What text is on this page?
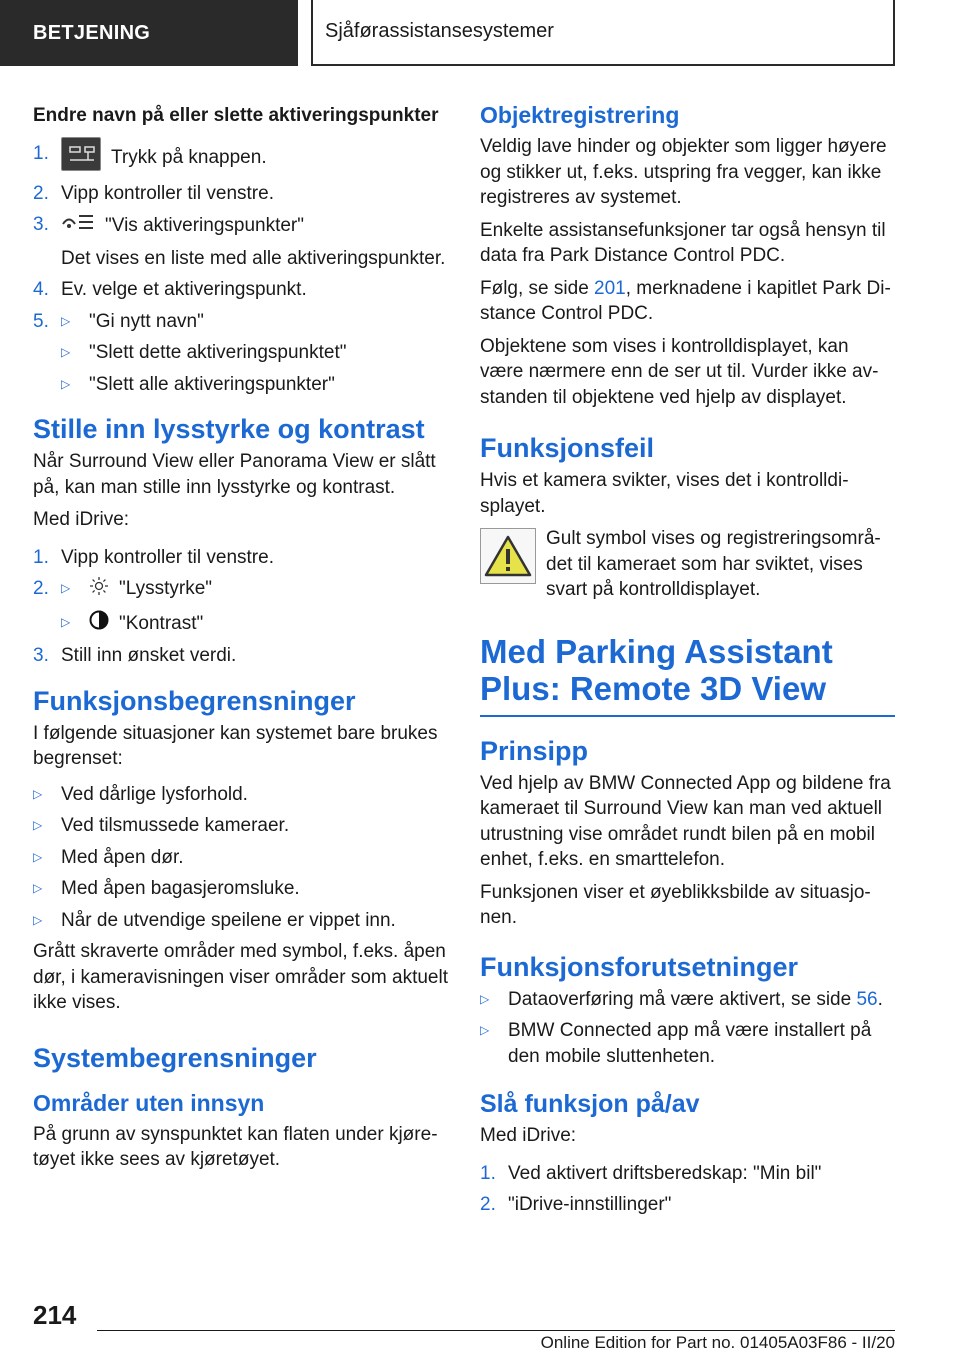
BETJENING	Sjåførassistansesystemer
Endre navn på eller slette aktiveringspunkter
1.	Trykk på knappen.
2. Vipp kontroller til venstre.
3.	"Vis aktiveringspunkter"
Det vises en liste med alle aktiveringspunkter.
4. Ev. velge et aktiveringspunkt.
5.	▷ "Gi nytt navn"
▷ "Slett dette aktiveringspunktet"
▷ "Slett alle aktiveringspunkter"
Stille inn lysstyrke og kontrast

Når Surround View eller Panorama View er slått på, kan man stille inn lysstyrke og kontrast.

Med iDrive:

1. Vipp kontroller til venstre.
2.	▷	"Lysstyrke"
▷	"Kontrast"
3. Still inn ønsket verdi.
Funksjonsbegrensninger

I følgende situasjoner kan systemet bare brukes begrenset:

▷ Ved dårlige lysforhold.
▷ Ved tilsmussede kameraer.
▷ Med åpen dør.
▷ Med åpen bagasjeromsluke.
▷ Når de utvendige speilene er vippet inn.

Grått skraverte områder med symbol, f.eks. åpen dør, i kameravisningen viser områder som aktuelt ikke vises.

Systembegrensninger
Områder uten innsyn

På grunn av synspunktet kan flaten under kjøretøyet ikke sees av kjøretøyet.

Objektregistrering

Veldig lave hinder og objekter som ligger høyere og stikker ut, f.eks. utspring fra vegger, kan ikke registreres av systemet.

Enkelte assistansefunksjoner tar også hensyn til data fra Park Distance Control PDC.

Følg, se side 201, merknadene i kapitlet Park Distance Control PDC.

Objektene som vises i kontrolldisplayet, kan være nærmere enn de ser ut til. Vurder ikke avstanden til objektene ved hjelp av displayet.

Funksjonsfeil

Hvis et kamera svikter, vises det i kontrolldisplayet.

Gult symbol vises og registreringsområdet til kameraet som har sviktet, vises svart på kontrolldisplayet.

Med Parking Assistant Plus: Remote 3D View
Prinsipp

Ved hjelp av BMW Connected App og bildene fra kameraet til Surround View kan man ved aktuell utrustning vise området rundt bilen på en mobil enhet, f.eks. en smarttelefon.

Funksjonen viser et øyeblikksbilde av situasjonen.

Funksjonsforutsetninger
▷ Dataoverføring må være aktivert, se side 56.
▷ BMW Connected app må være installert på den mobile sluttenheten.
Slå funksjon på/av

Med iDrive:

1. Ved aktivert driftsberedskap: "Min bil"
2. "iDrive-innstillinger"
214
Online Edition for Part no. 01405A03F86 - II/20
